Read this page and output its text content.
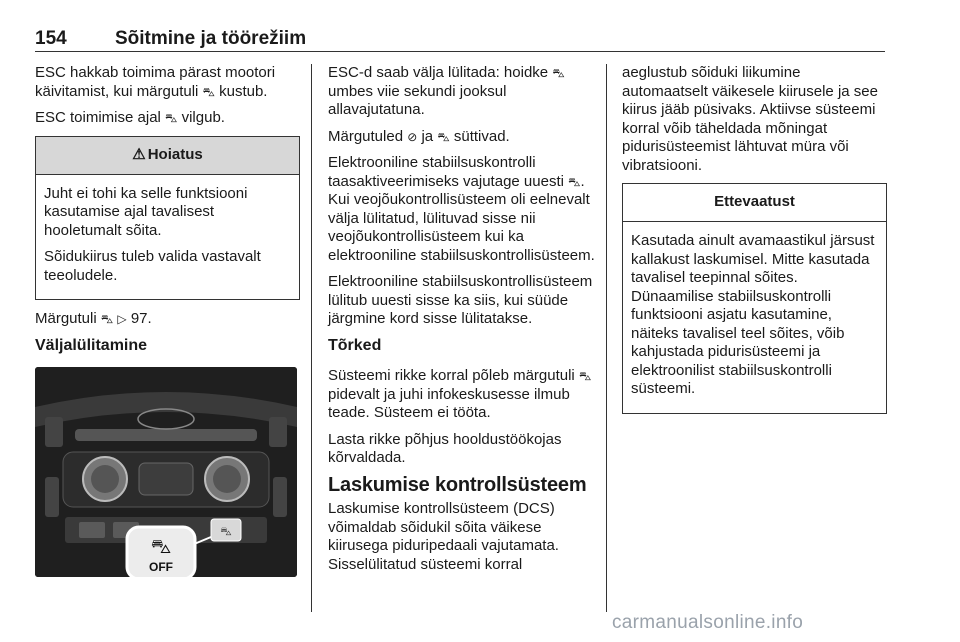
154	Sõitmine ja töörežiim

ESC hakkab toimima pärast mootori käivitamist, kui märgutuli ⛍ kustub.

ESC toimimise ajal ⛍ vilgub.

⚠ Hoiatus

Juht ei tohi ka selle funktsiooni kasutamise ajal tavalisest hooletumalt sõita.

Sõidukiirus tuleb valida vastavalt teeoludele.

Märgutuli ⛍ ▷ 97.

Väljalülitamine
⛍
⛍
OFF

ESC-d saab välja lülitada: hoidke ⛍ umbes viie sekundi jooksul allavajutatuna.

Märgutuled ⊘ ja ⛍ süttivad.

Elektrooniline stabiilsuskontrolli taasaktiveerimiseks vajutage uuesti ⛍. Kui veojõukontrollisüsteem oli eelnevalt välja lülitatud, lülituvad sisse nii veojõukontrollisüsteem kui ka elektrooniline stabiilsuskontrollisüsteem.

Elektrooniline stabiilsuskontrollisüsteem lülitub uuesti sisse ka siis, kui süüde järgmine kord sisse lülitatakse.

Tõrked

Süsteemi rikke korral põleb märgutuli ⛍ pidevalt ja juhi infokeskusesse ilmub teade. Süsteem ei tööta.

Lasta rikke põhjus hooldustöökojas kõrvaldada.

Laskumise kontrollsüsteem

Laskumise kontrollsüsteem (DCS) võimaldab sõidukil sõita väikese kiirusega piduripedaali vajutamata. Sisselülitatud süsteemi korral

aeglustub sõiduki liikumine automaatselt väikesele kiirusele ja see kiirus jääb püsivaks. Aktiivse süsteemi korral võib täheldada mõningat pidurisüsteemist lähtuvat müra või vibratsiooni.

Ettevaatust

Kasutada ainult avamaastikul järsust kallakust laskumisel. Mitte kasutada tavalisel teepinnal sõites. Dünaamilise stabiilsuskontrolli funktsiooni asjatu kasutamine, näiteks tavalisel teel sõites, võib kahjustada pidurisüsteemi ja elektroonilist stabiilsuskontrolli süsteemi.

carmanualsonline.info
